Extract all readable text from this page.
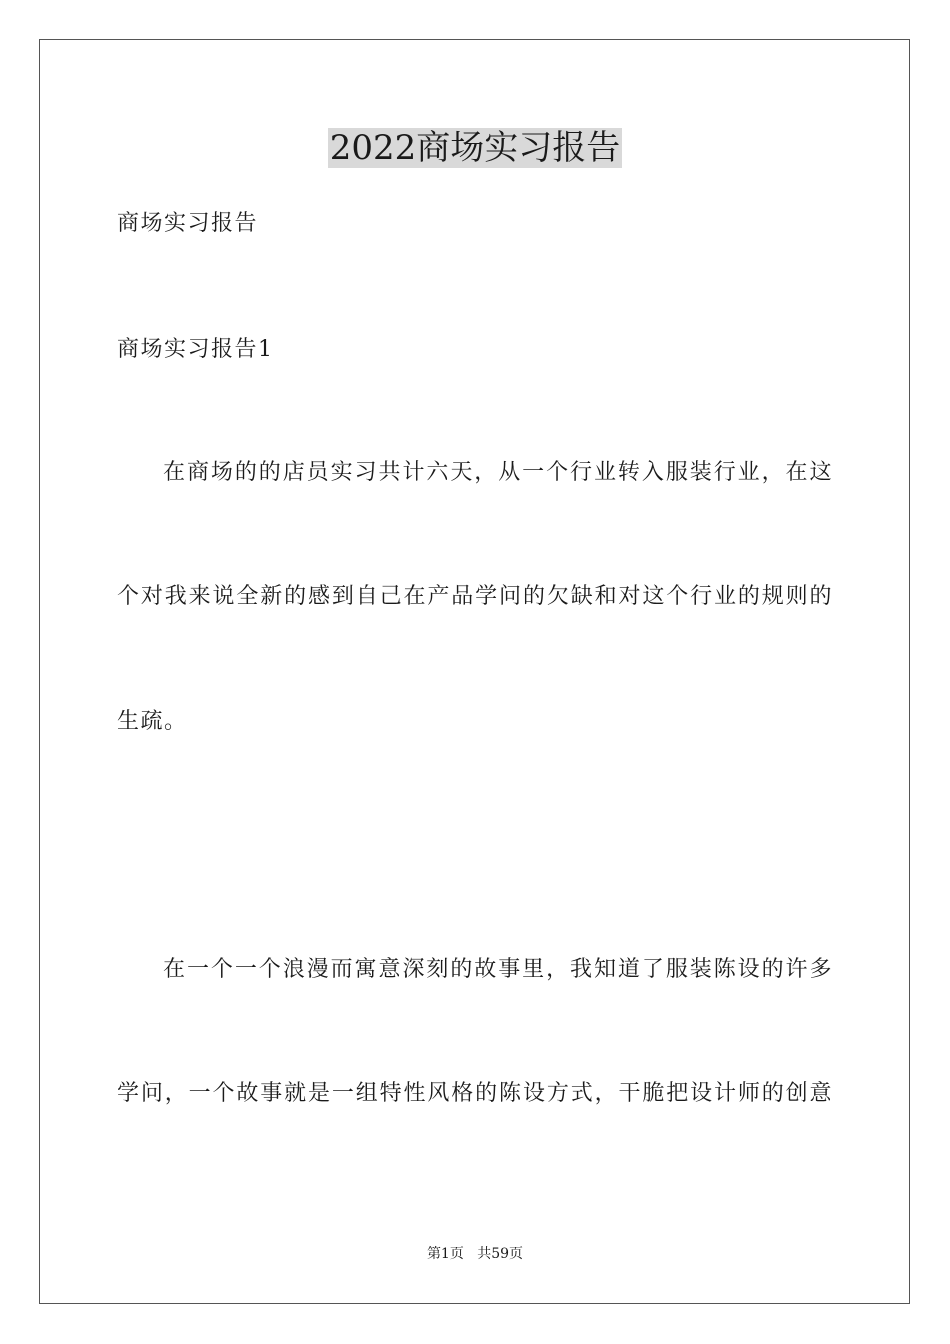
2022商场实习报告

商场实习报告

商场实习报告1

在商场的的店员实习共计六天，从一个行业转入服装行业，在这

个对我来说全新的感到自己在产品学问的欠缺和对这个行业的规则的

生疏。

在一个一个浪漫而寓意深刻的故事里，我知道了服装陈设的许多

学问，一个故事就是一组特性风格的陈设方式，干脆把设计师的创意

第1页 共59页
